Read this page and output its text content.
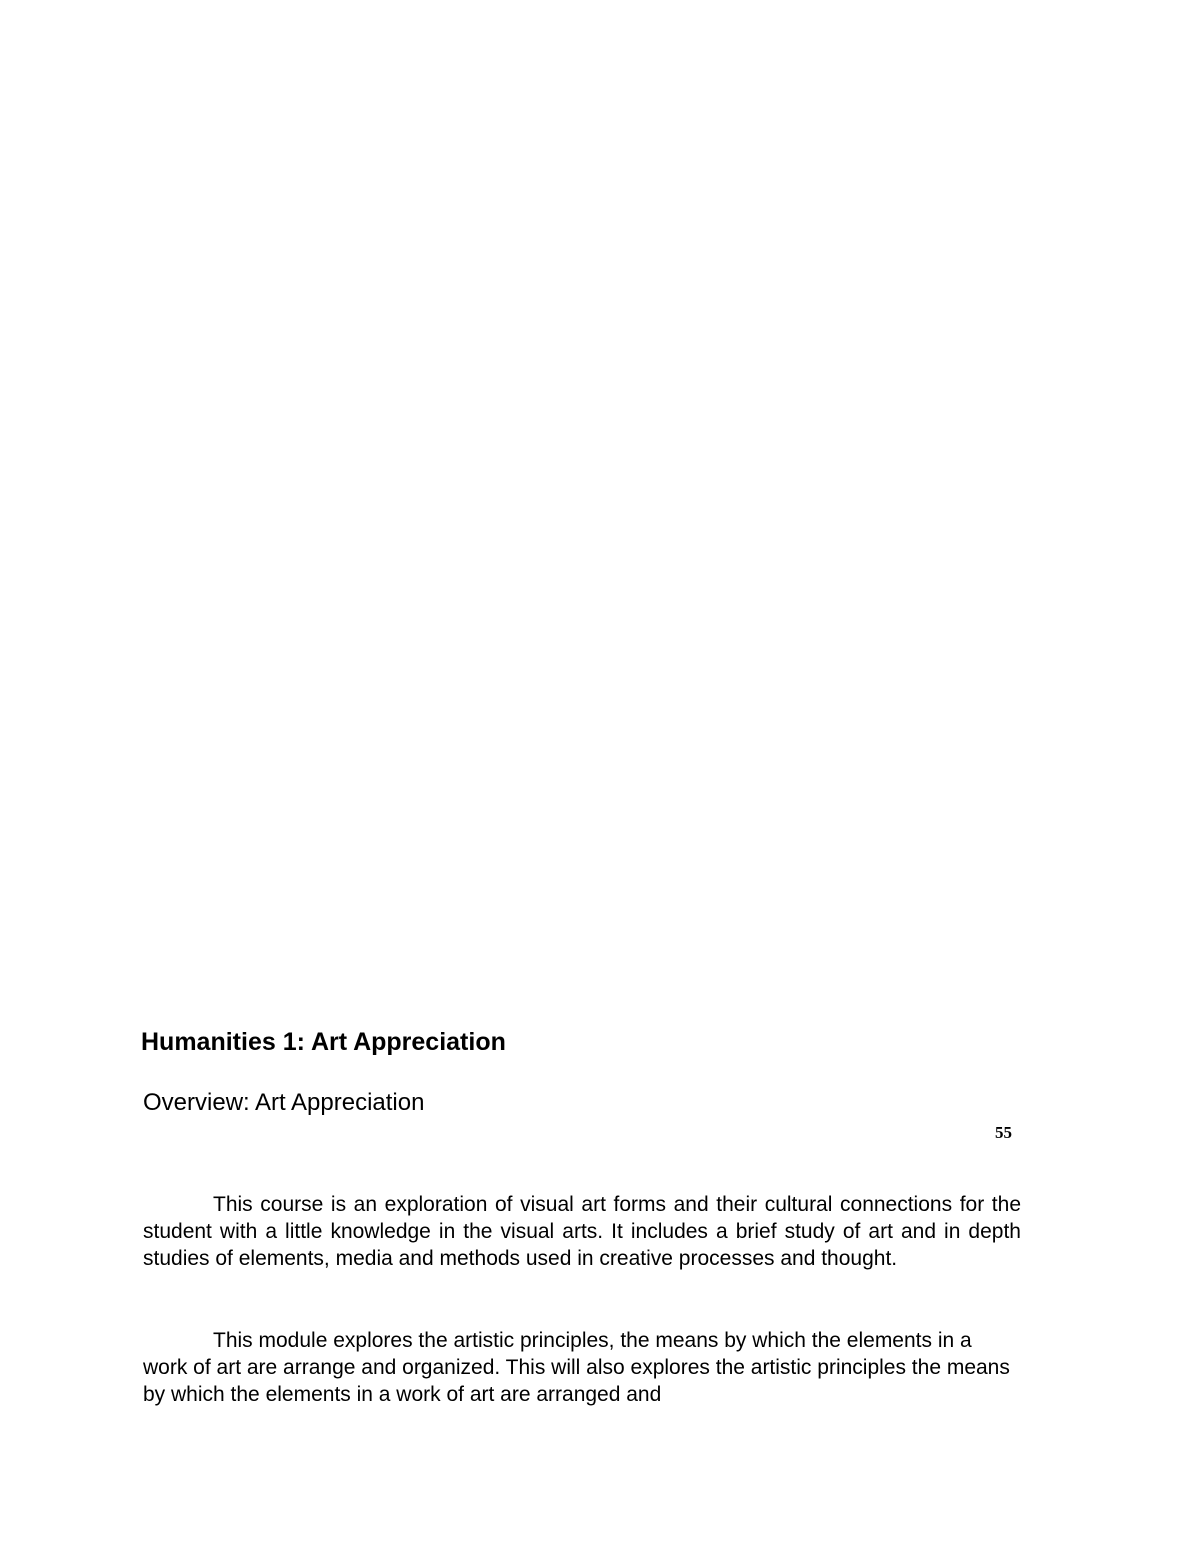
Humanities 1: Art Appreciation
Overview: Art Appreciation
55

This course is an exploration of visual art forms and their cultural connections for the student with a little knowledge in the visual arts. It includes a brief study of art and in depth studies of elements, media and methods used in creative processes and thought.

This module explores the artistic principles, the means by which the elements in a work of art are arrange and organized. This will also explores the artistic principles the means by which the elements in a work of art are arranged and
